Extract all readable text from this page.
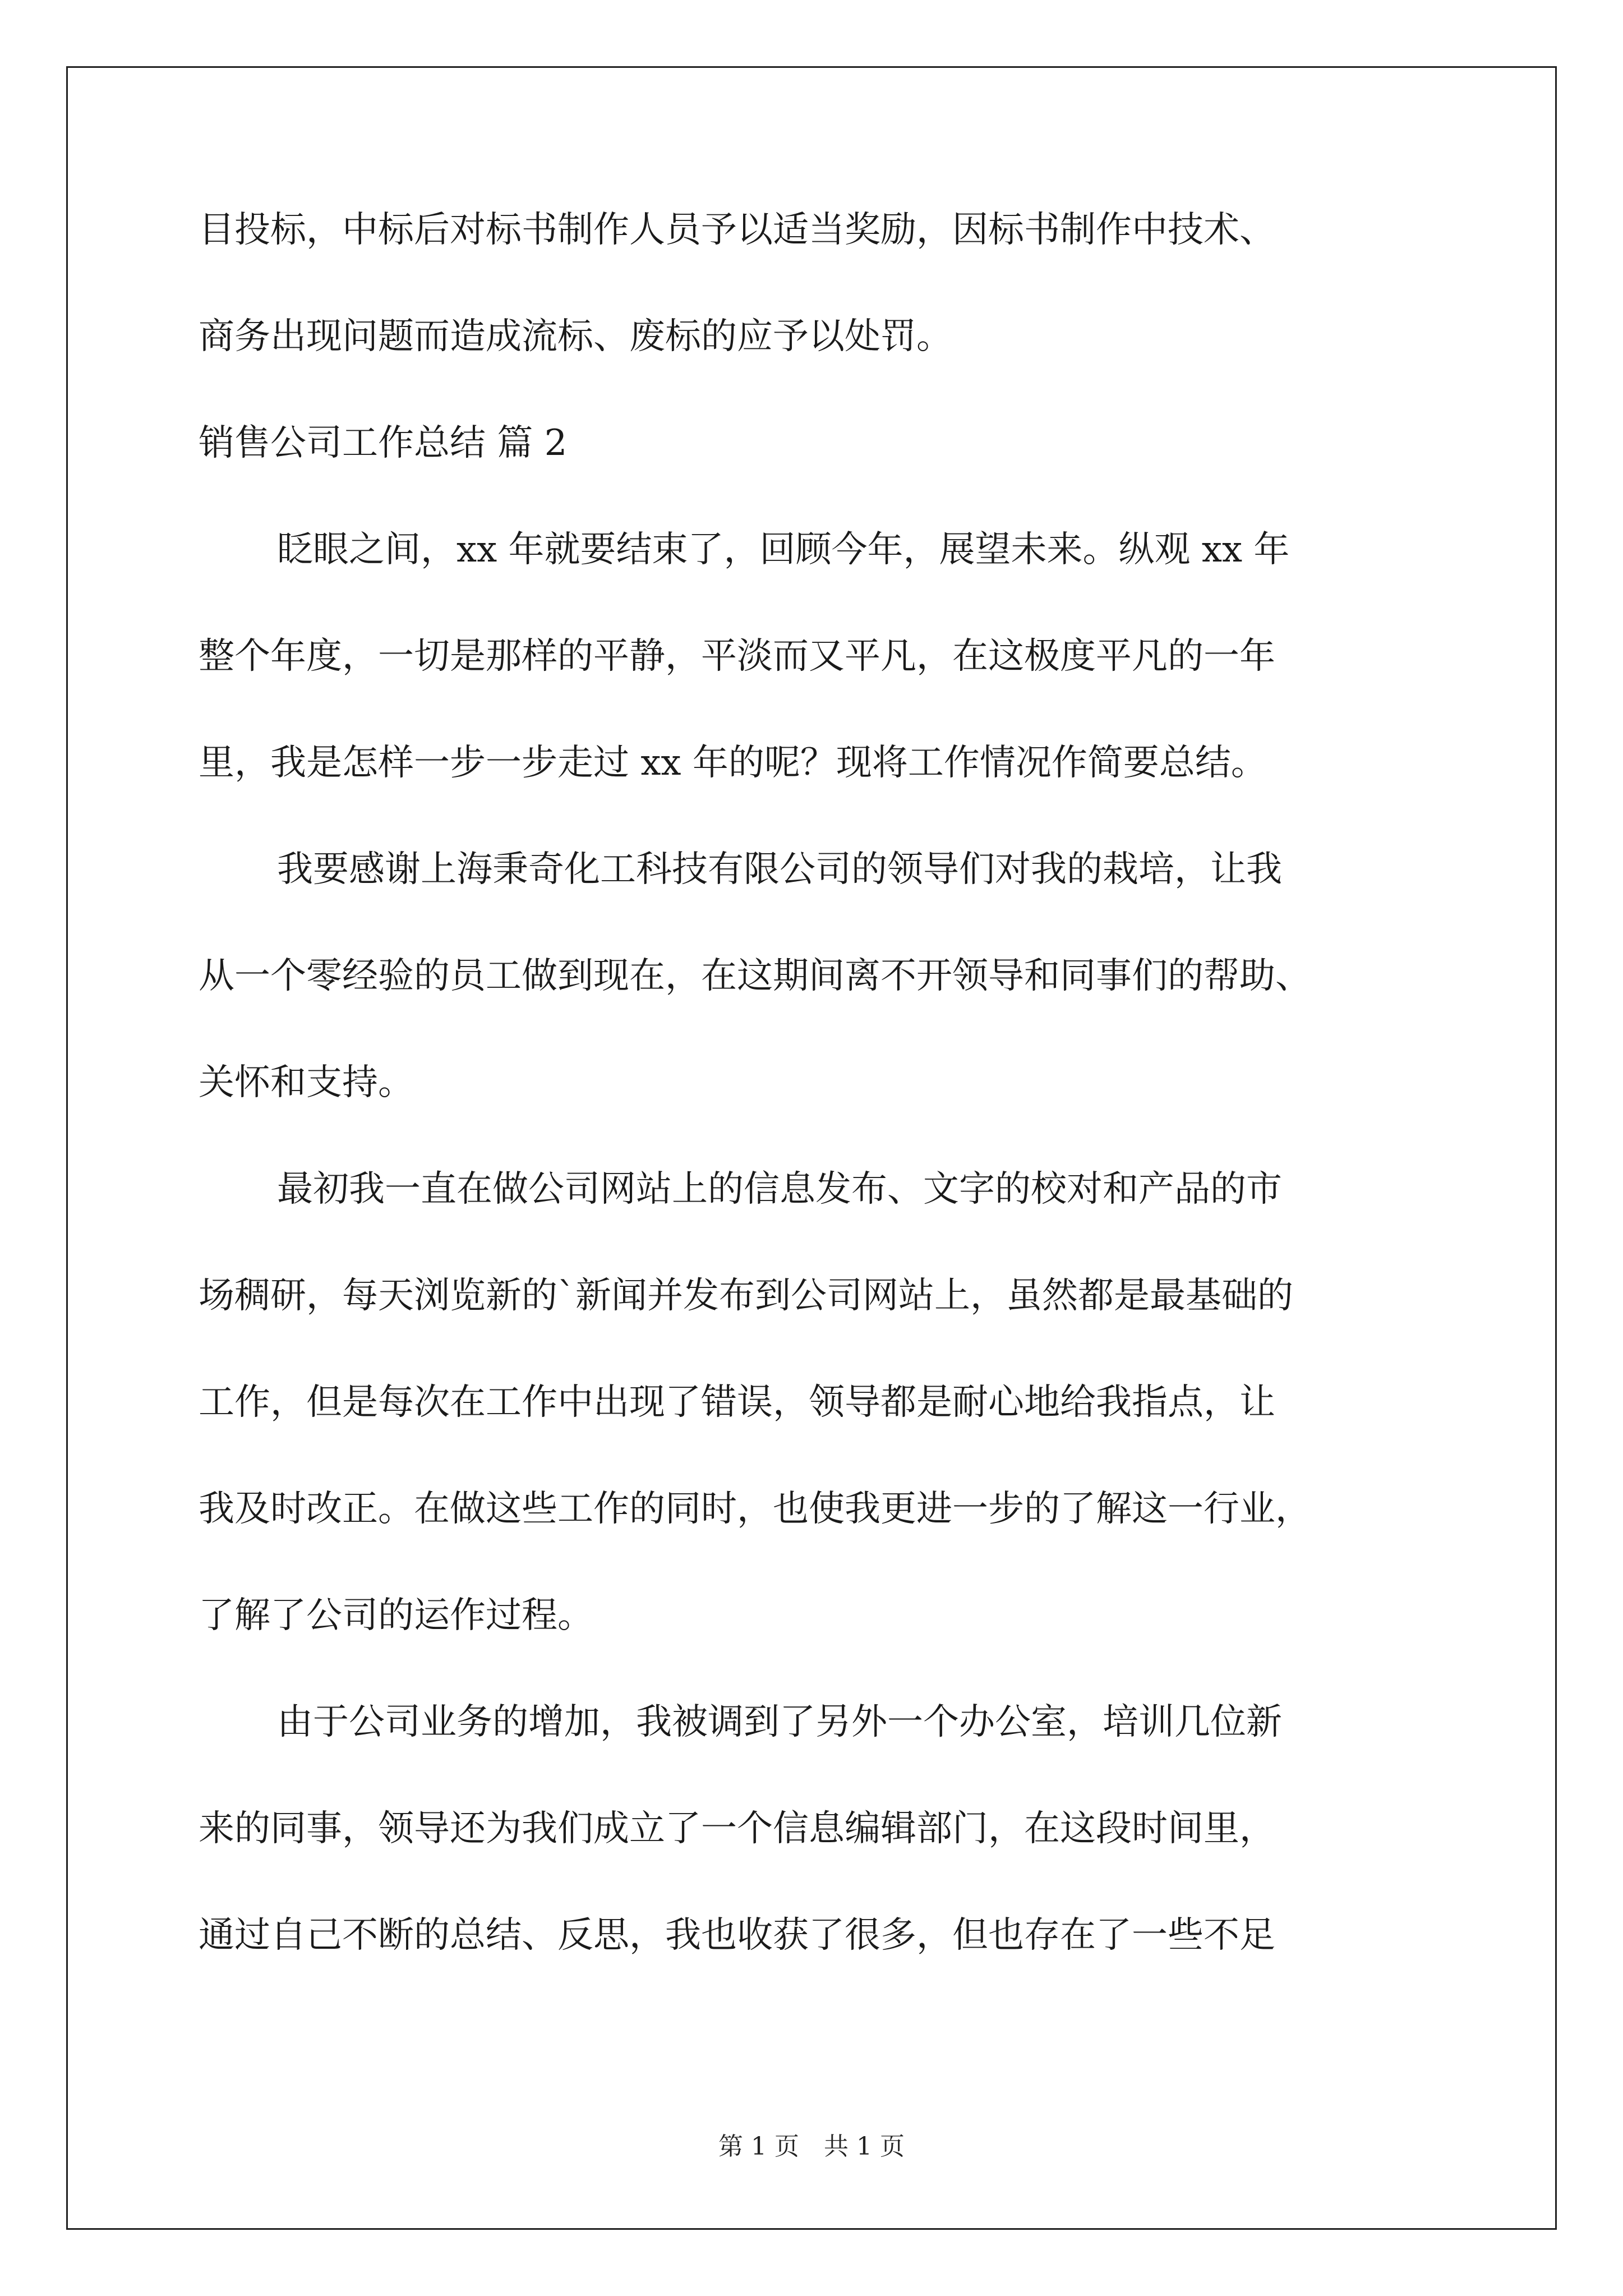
目投标，中标后对标书制作人员予以适当奖励，因标书制作中技术、
商务出现问题而造成流标、废标的应予以处罚。
销售公司工作总结 篇 2
眨眼之间，xx 年就要结束了，回顾今年，展望未来。纵观 xx 年
整个年度，一切是那样的平静，平淡而又平凡，在这极度平凡的一年
里，我是怎样一步一步走过 xx 年的呢？现将工作情况作简要总结。
我要感谢上海秉奇化工科技有限公司的领导们对我的栽培，让我
从一个零经验的员工做到现在，在这期间离不开领导和同事们的帮助、
关怀和支持。
最初我一直在做公司网站上的信息发布、文字的校对和产品的市
场稠研，每天浏览新的`新闻并发布到公司网站上，虽然都是最基础的
工作，但是每次在工作中出现了错误，领导都是耐心地给我指点，让
我及时改正。在做这些工作的同时，也使我更进一步的了解这一行业，
了解了公司的运作过程。
由于公司业务的增加，我被调到了另外一个办公室，培训几位新
来的同事，领导还为我们成立了一个信息编辑部门，在这段时间里，
通过自己不断的总结、反思，我也收获了很多，但也存在了一些不足
第 1 页　共 1 页
